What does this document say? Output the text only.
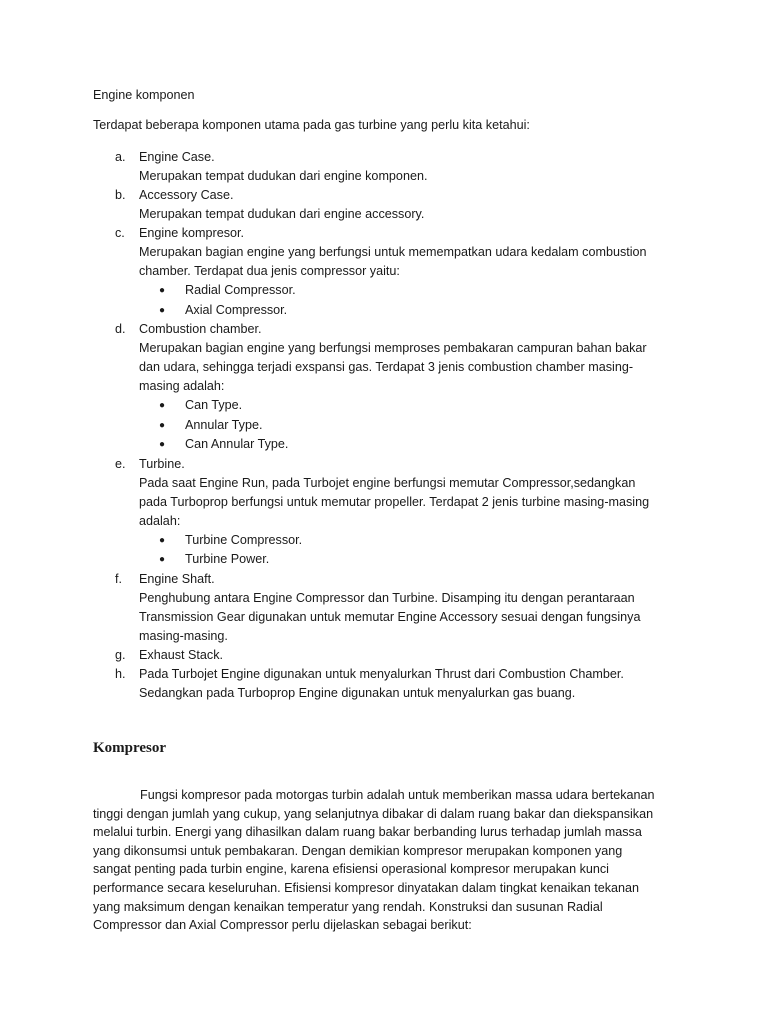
Engine komponen
Terdapat beberapa komponen utama pada gas turbine yang perlu kita ketahui:
a.	Engine Case.
Merupakan tempat dudukan dari engine komponen.
b.	Accessory Case.
Merupakan tempat dudukan dari engine accessory.
c.	Engine kompresor.
Merupakan bagian engine yang berfungsi untuk memempatkan udara kedalam combustion
chamber. Terdapat dua jenis compressor yaitu:
●	Radial Compressor.
●	Axial Compressor.
d.	Combustion chamber.
Merupakan bagian engine yang berfungsi memproses pembakaran campuran bahan bakar
dan udara, sehingga terjadi exspansi gas. Terdapat 3 jenis combustion chamber masing-
masing adalah:
●	Can Type.
●	Annular Type.
●	Can Annular Type.
e.	Turbine.
Pada saat Engine Run, pada Turbojet engine berfungsi memutar Compressor,sedangkan
pada Turboprop berfungsi untuk memutar propeller. Terdapat 2 jenis turbine masing-masing
adalah:
●	Turbine Compressor.
●	Turbine Power.
f.	Engine Shaft.
Penghubung antara Engine Compressor dan Turbine. Disamping itu dengan perantaraan
Transmission Gear digunakan untuk memutar Engine Accessory sesuai dengan fungsinya
masing-masing.
g.	Exhaust Stack.
h.	Pada Turbojet Engine digunakan untuk menyalurkan Thrust dari Combustion Chamber.
Sedangkan pada Turboprop Engine digunakan untuk menyalurkan gas buang.
Kompresor
Fungsi kompresor pada motorgas turbin adalah untuk memberikan massa udara bertekanan
tinggi dengan jumlah yang cukup, yang selanjutnya dibakar di dalam ruang bakar dan diekspansikan
melalui turbin. Energi yang dihasilkan dalam ruang bakar berbanding lurus terhadap jumlah massa
yang dikonsumsi untuk pembakaran. Dengan demikian kompresor merupakan komponen yang
sangat penting pada turbin engine, karena efisiensi operasional kompresor merupakan kunci
performance secara keseluruhan. Efisiensi kompresor dinyatakan dalam tingkat kenaikan tekanan
yang maksimum dengan kenaikan temperatur yang rendah. Konstruksi dan susunan Radial
Compressor dan Axial Compressor perlu dijelaskan sebagai berikut:
